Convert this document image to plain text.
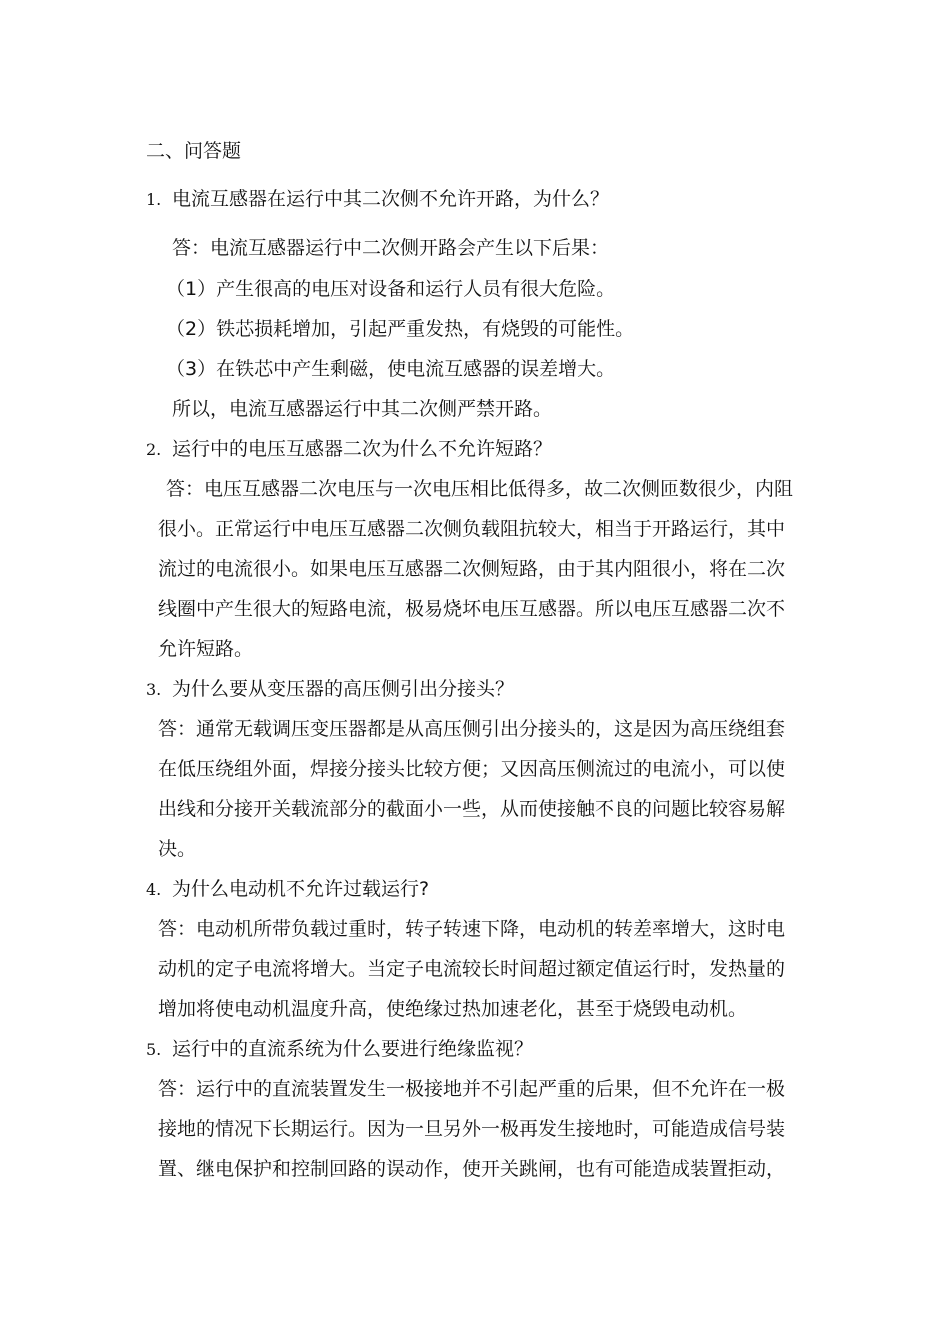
二、问答题
1. 电流互感器在运行中其二次侧不允许开路，为什么？
答：电流互感器运行中二次侧开路会产生以下后果：
（1）产生很高的电压对设备和运行人员有很大危险。
（2）铁芯损耗增加，引起严重发热，有烧毁的可能性。
（3）在铁芯中产生剩磁，使电流互感器的误差增大。
所以，电流互感器运行中其二次侧严禁开路。
2. 运行中的电压互感器二次为什么不允许短路？
答：电压互感器二次电压与一次电压相比低得多，故二次侧匝数很少，内阻
很小。正常运行中电压互感器二次侧负载阻抗较大，相当于开路运行，其中
流过的电流很小。如果电压互感器二次侧短路，由于其内阻很小，将在二次
线圈中产生很大的短路电流，极易烧坏电压互感器。所以电压互感器二次不
允许短路。
3. 为什么要从变压器的高压侧引出分接头？
答：通常无载调压变压器都是从高压侧引出分接头的，这是因为高压绕组套
在低压绕组外面，焊接分接头比较方便；又因高压侧流过的电流小，可以使
出线和分接开关载流部分的截面小一些，从而使接触不良的问题比较容易解
决。
4. 为什么电动机不允许过载运行?
答：电动机所带负载过重时，转子转速下降，电动机的转差率增大，这时电
动机的定子电流将增大。当定子电流较长时间超过额定值运行时，发热量的
增加将使电动机温度升高，使绝缘过热加速老化，甚至于烧毁电动机。
5. 运行中的直流系统为什么要进行绝缘监视？
答：运行中的直流装置发生一极接地并不引起严重的后果，但不允许在一极
接地的情况下长期运行。因为一旦另外一极再发生接地时，可能造成信号装
置、继电保护和控制回路的误动作，使开关跳闸，也有可能造成装置拒动，
